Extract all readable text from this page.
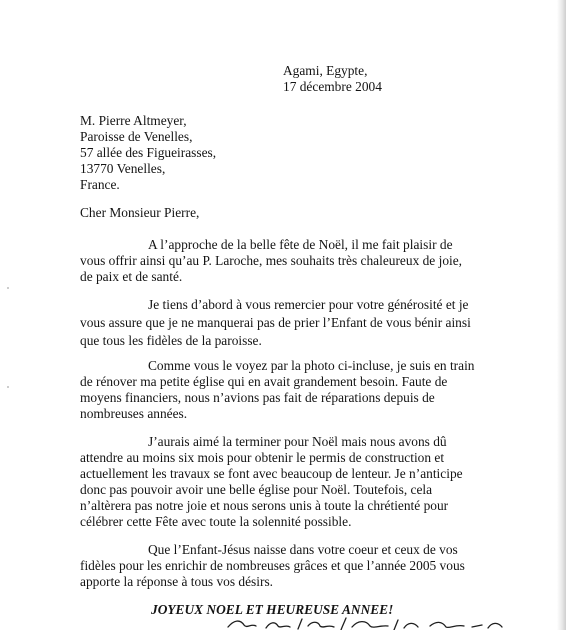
Agami, Egypte,
17 décembre 2004
M. Pierre Altmeyer,
Paroisse de Venelles,
57 allée des Figueirasses,
13770 Venelles,
France.
Cher Monsieur Pierre,
A l’approche de la belle fête de Noël, il me fait plaisir de
vous offrir ainsi qu’au P. Laroche, mes souhaits très chaleureux de joie,
de paix et de santé.
Je tiens d’abord à vous remercier pour votre générosité et je
vous assure que je ne manquerai pas de prier l’Enfant de vous bénir ainsi
que tous les fidèles de la paroisse.
Comme vous le voyez par la photo ci-incluse, je suis en train
de rénover ma petite église qui en avait grandement besoin. Faute de
moyens financiers, nous n’avions pas fait de réparations depuis de
nombreuses années.
J’aurais aimé la terminer pour Noël mais nous avons dû
attendre au moins six mois pour obtenir le permis de construction et
actuellement les travaux se font avec beaucoup de lenteur. Je n’anticipe
donc pas pouvoir avoir une belle église pour Noël. Toutefois, cela
n’altèrera pas notre joie et nous serons unis à toute la chrétienté pour
célébrer cette Fête avec toute la solennité possible.
Que l’Enfant-Jésus naisse dans votre coeur et ceux de vos
fidèles pour les enrichir de nombreuses grâces et que l’année 2005 vous
apporte la réponse à tous vos désirs.
JOYEUX NOEL ET HEUREUSE ANNEE!
